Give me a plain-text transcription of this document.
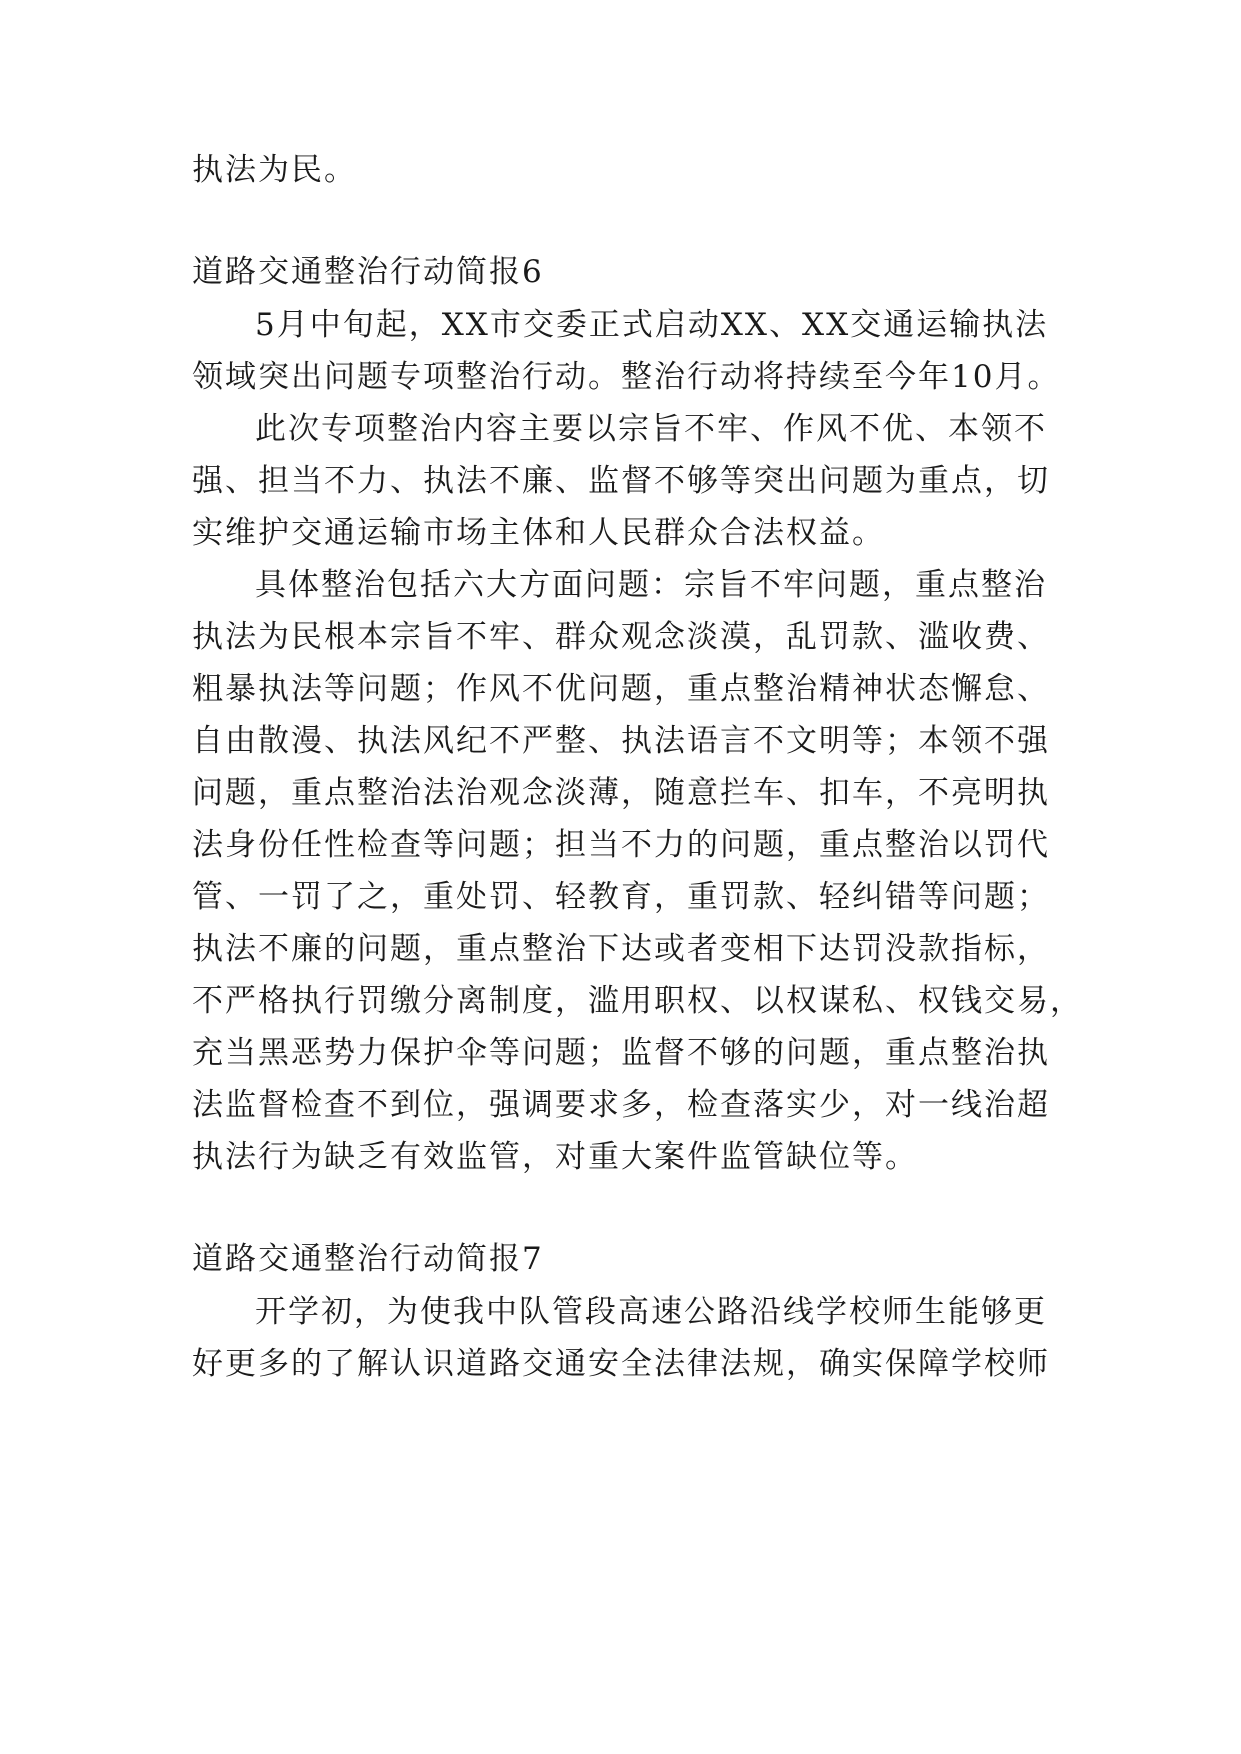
执法为民。
道路交通整治行动简报6
5月中旬起，XX市交委正式启动XX、XX交通运输执法
领域突出问题专项整治行动。整治行动将持续至今年10月。
此次专项整治内容主要以宗旨不牢、作风不优、本领不
强、担当不力、执法不廉、监督不够等突出问题为重点，切
实维护交通运输市场主体和人民群众合法权益。
具体整治包括六大方面问题：宗旨不牢问题，重点整治
执法为民根本宗旨不牢、群众观念淡漠，乱罚款、滥收费、
粗暴执法等问题；作风不优问题，重点整治精神状态懈怠、
自由散漫、执法风纪不严整、执法语言不文明等；本领不强
问题，重点整治法治观念淡薄，随意拦车、扣车，不亮明执
法身份任性检查等问题；担当不力的问题，重点整治以罚代
管、一罚了之，重处罚、轻教育，重罚款、轻纠错等问题；
执法不廉的问题，重点整治下达或者变相下达罚没款指标，
不严格执行罚缴分离制度，滥用职权、以权谋私、权钱交易，
充当黑恶势力保护伞等问题；监督不够的问题，重点整治执
法监督检查不到位，强调要求多，检查落实少，对一线治超
执法行为缺乏有效监管，对重大案件监管缺位等。
道路交通整治行动简报7
开学初，为使我中队管段高速公路沿线学校师生能够更
好更多的了解认识道路交通安全法律法规，确实保障学校师
